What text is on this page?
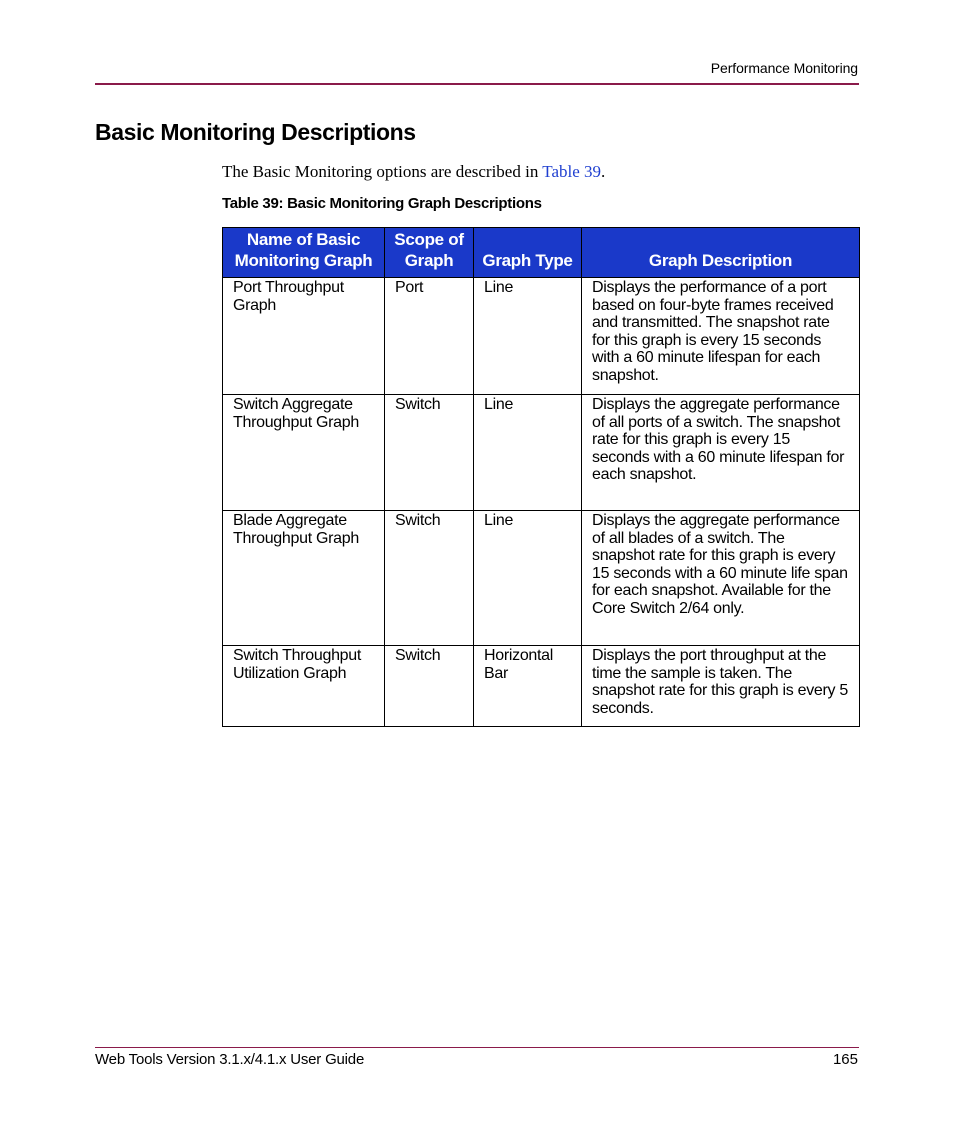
Performance Monitoring
Basic Monitoring Descriptions

The Basic Monitoring options are described in Table 39.

Table 39: Basic Monitoring Graph Descriptions

Name of Basic Monitoring Graph	Scope of Graph	Graph Type	Graph Description
Port Throughput Graph	Port	Line	Displays the performance of a port based on four-byte frames received and transmitted. The snapshot rate for this graph is every 15 seconds with a 60 minute lifespan for each snapshot.
Switch Aggregate Throughput Graph	Switch	Line	Displays the aggregate performance of all ports of a switch. The snapshot rate for this graph is every 15 seconds with a 60 minute lifespan for each snapshot.
Blade Aggregate Throughput Graph	Switch	Line	Displays the aggregate performance of all blades of a switch. The snapshot rate for this graph is every 15 seconds with a 60 minute life span for each snapshot. Available for the Core Switch 2/64 only.
Switch Throughput Utilization Graph	Switch	Horizontal Bar	Displays the port throughput at the time the sample is taken. The snapshot rate for this graph is every 5 seconds.
Web Tools Version 3.1.x/4.1.x User Guide	165
